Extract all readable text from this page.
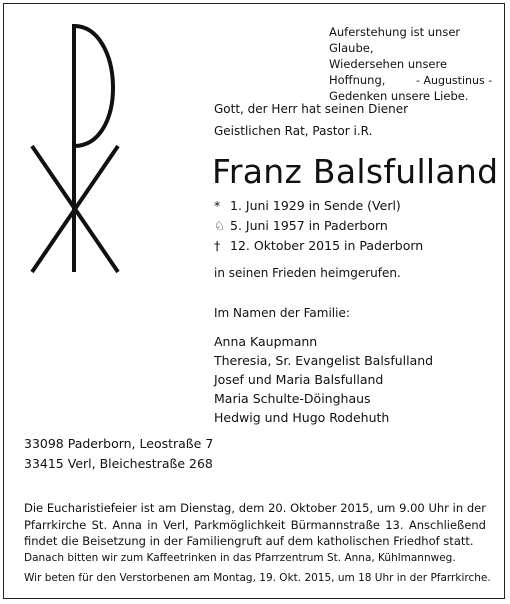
Auferstehung ist unser Glaube,
Wiedersehen unsere Hoffnung,
Gedenken unsere Liebe.
- Augustinus -
Gott, der Herr hat seinen Diener
Geistlichen Rat, Pastor i.R.
Franz Balsfulland
* 1. Juni 1929 in Sende (Verl)
♘ 5. Juni 1957 in Paderborn
† 12. Oktober 2015 in Paderborn
in seinen Frieden heimgerufen.
Im Namen der Familie:
Anna Kaupmann
Theresia, Sr. Evangelist Balsfulland
Josef und Maria Balsfulland
Maria Schulte-Döinghaus
Hedwig und Hugo Rodehuth
33098 Paderborn, Leostraße 7
33415 Verl, Bleichestraße 268
Die Eucharistiefeier ist am Dienstag, dem 20. Oktober 2015, um 9.00 Uhr in der Pfarrkirche St. Anna in Verl, Parkmöglichkeit Bürmannstraße 13. Anschließend findet die Beisetzung in der Familiengruft auf dem katholischen Friedhof statt.
Danach bitten wir zum Kaffeetrinken in das Pfarrzentrum St. Anna, Kühlmannweg.
Wir beten für den Verstorbenen am Montag, 19. Okt. 2015, um 18 Uhr in der Pfarrkirche.
